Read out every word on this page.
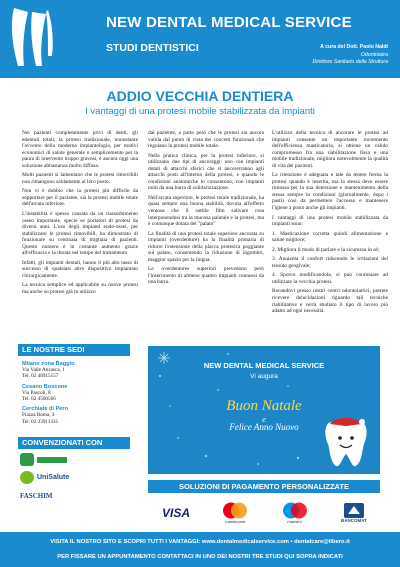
NEW DENTAL MEDICAL SERVICE
STUDI DENTISTICI	A cura del Dott. Paolo Naldi
Odontoiatra
Direttore Sanitario della Struttura
ADDIO VECCHIA DENTIERA
I vantaggi di una protesi mobile stabilizzata da impianti

Nei pazienti completamente privi di denti, gli edentuli totali, la protesi tradizionale, nonostante l'avvento della moderna implantologia, per motivi economici di salute generale o semplicemente per la paura di intervento troppo gravosi, è ancora oggi una soluzione abbastanza molto diffusa.

Molti pazienti si lamentano che le protesi rimovibili non rimangono saldamente al loro posto.

Non vi è dubbio che la protesi più difficile da sopportare per il paziente, sia la protesi mobile totale dell'arcata inferiore.

L'instabilità è spesso causata da un riassorbimento osseo importante, specie se portatori di protesi da diversi anni. L'uso degli impianti endo-ossei, per stabilizzare le protesi rimovibili, ha dimostrato di funzionare su centinaia di migliaia di pazienti. Questo numero è in costante aumento grazie all'efficacia e la durata nel tempo del trattamento.

Infatti, gli impianti dentali, hanno il più alto tasso di successo di qualsiasi altro dispositivo impiantato chirurgicamente.

La tecnica semplice ed applicabile su nuove protesi ma anche su protesi già in utilizzo

dal paziente, a patto però che le protesi sia ancora valida dal punto di vista dei concetti funzionali che regolano la protesi mobile totale.

Nella pratica clinica, per la protesi inferiore, si utilizzano due tipi di ancoraggi: uno con impianti dotati di attacchi sferici che si ancorerranno agli attacchi posti all'interno della protesi, e quando le condizioni anatomiche lo consentono, con impianti uniti da una barra di solidarizzazione.

Nell'arcata superiore, le protesi totale tradizionale, ha quasi sempre una buona stabilità, dovuta all'effetto ventosa che il sottile film salivare crea interponendosi tra la mucosa palatale e la protesi, ma è comunque dotata del "palato"

La finalità di una protesi totale superiore ancorata su impianti (overdenture) ha la finalità primaria di ridurre l'estensione della placca protesica poggiante sul palato, consentendo la riduzione di ingombri, maggior spazio per la lingua.

Le overdentures superiori prevedono però l'inserimento di almeno quattro impianti connessi da una barra.

L'utilizzo della tecnica di ancorare le protesi ad impianti consente un importante incremento dell'efficienza masticatoria, si ottiene un valido compromesso fra una riabilitazione fissa e una mobile tradizionale, migliora notevolmente la qualità di vita dei pazienti.

La ritenzione è adeguata e tale da tenere ferma la protesi quando è inserita, ma la stessa deve essere rimossa per la sua detersione e mantenimento della stessa sempre in condizioni (giornalmente, dopo i pasti) così da permettere l'accesso e mantenere l'igiene a posto anche gli impianti.

I vantaggi di una protesi mobile stabilizzata da impianti sono:

1. Masticazione corretta quindi alimentazione e salute migliore;

2. Migliora il modo di parlare e la sicurezza in sé;

3. Annienta il confort riducendo le irritazioni del tessuto gengivale;

4. Sporco modificandola, si può continuare ad utilizzare la vecchia protesi.

Recandovi presso nostri centri odontoiatrici, potrete ricevere delucidazioni riguardo tali tecniche riabilitative e verrà studiato il tipo di lavoro più adatto ad ogni necessità.

LE NOSTRE SEDI
Milano zona Baggio
Via Valle Anzasca, 1
Tel. 02 48915157
Cesano Boscone
Via Pascoli, 8
Tel. 02 4500566
Cerchiate di Pero
Piazza Roma, 4
Tel. 02 33911331
CONVENZIONATI CON
UniSalute
FASCHIM
NEW DENTAL MEDICAL SERVICE
Vi augura
Buon Natale
e
Felice Anno Nuovo
SOLUZIONI DI PAGAMENTO PERSONALIZZATE
VISA
mastercard	maestro	BANCOMAT
VISITA IL NOSTRO SITO E SCOPRI TUTTI I VANTAGGI: www.dentalmedicalservice.com • dentalcare@libero.it
PER FISSARE UN APPUNTAMENTO CONTATTACI IN UNO DEI NOSTRI TRE STUDI QUI SOPRA INDICATI
